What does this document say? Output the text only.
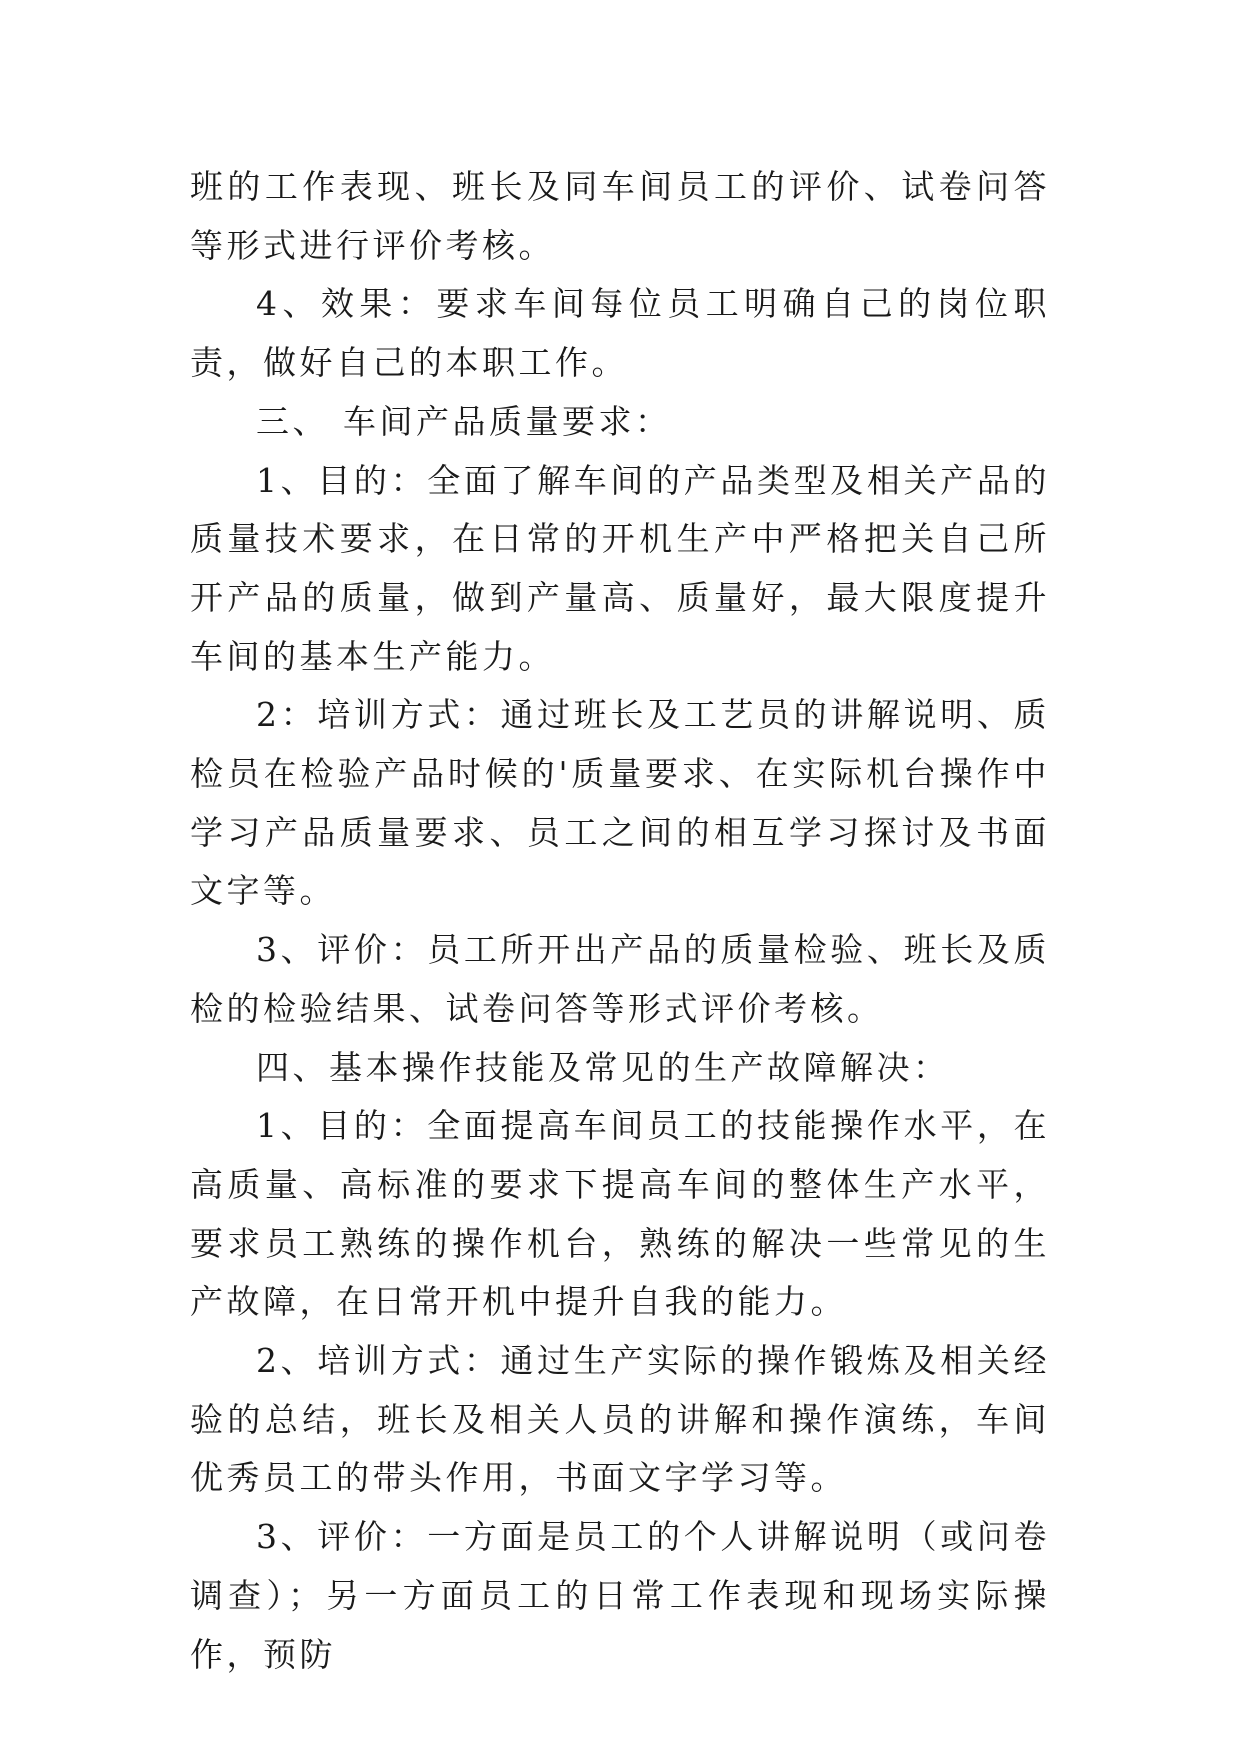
班的工作表现、班长及同车间员工的评价、试卷问答等形式进行评价考核。

4、效果：要求车间每位员工明确自己的岗位职责，做好自己的本职工作。

三、 车间产品质量要求：

1、目的：全面了解车间的产品类型及相关产品的质量技术要求，在日常的开机生产中严格把关自己所开产品的质量，做到产量高、质量好，最大限度提升车间的基本生产能力。

2：培训方式：通过班长及工艺员的讲解说明、质检员在检验产品时候的'质量要求、在实际机台操作中学习产品质量要求、员工之间的相互学习探讨及书面文字等。

3、评价：员工所开出产品的质量检验、班长及质检的检验结果、试卷问答等形式评价考核。

四、基本操作技能及常见的生产故障解决：

1、目的：全面提高车间员工的技能操作水平，在高质量、高标准的要求下提高车间的整体生产水平，要求员工熟练的操作机台，熟练的解决一些常见的生产故障，在日常开机中提升自我的能力。

2、培训方式：通过生产实际的操作锻炼及相关经验的总结，班长及相关人员的讲解和操作演练，车间优秀员工的带头作用，书面文字学习等。

3、评价：一方面是员工的个人讲解说明（或问卷调查）；另一方面员工的日常工作表现和现场实际操作，预防
